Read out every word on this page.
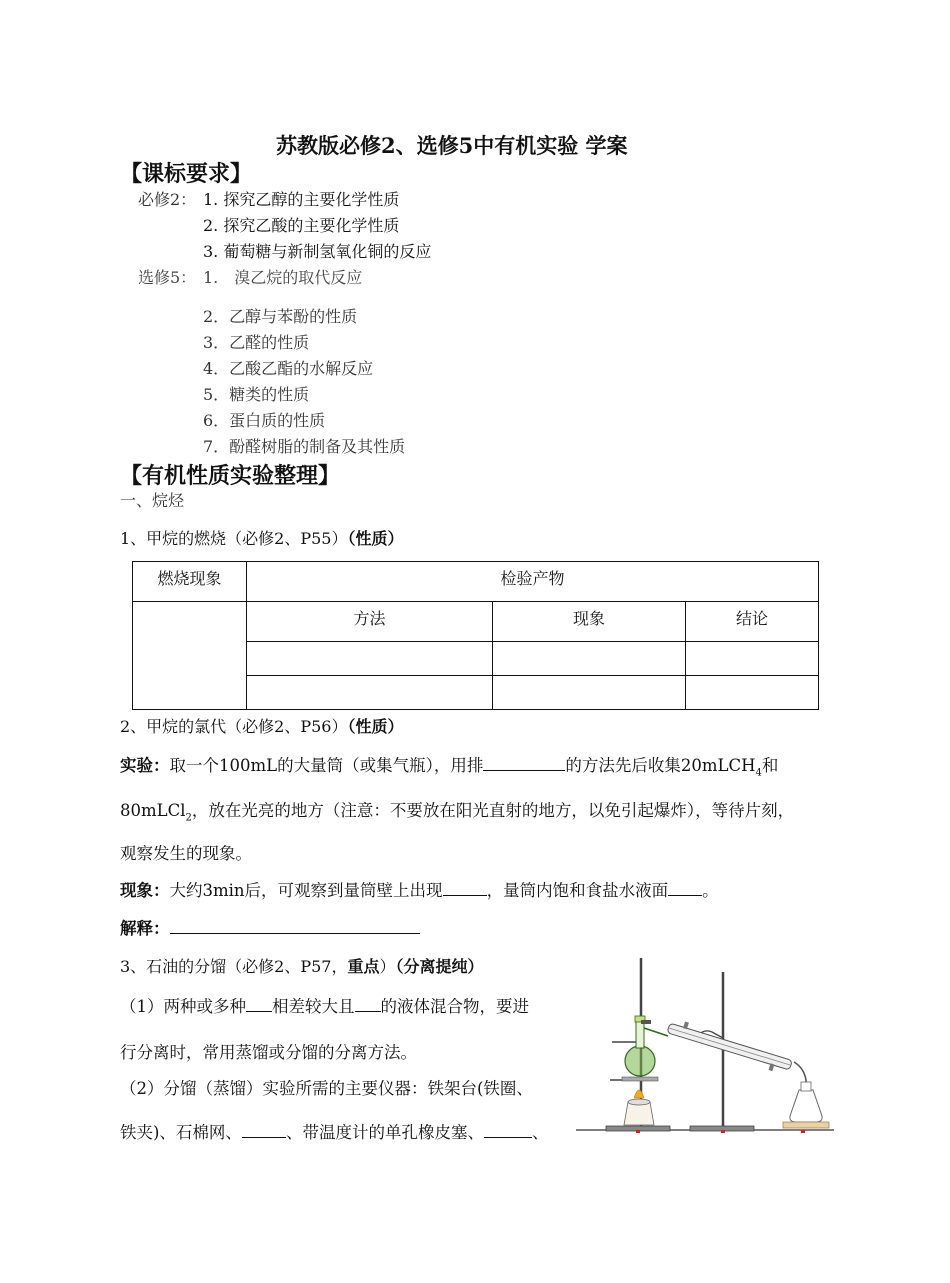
苏教版必修2、选修5中有机实验 学案
【课标要求】
必修2： 1. 探究乙醇的主要化学性质
2. 探究乙酸的主要化学性质
3. 葡萄糖与新制氢氧化铜的反应
选修5： 1.　溴乙烷的取代反应
2．乙醇与苯酚的性质
3．乙醛的性质
4．乙酸乙酯的水解反应
5．糖类的性质
6．蛋白质的性质
7．酚醛树脂的制备及其性质
【有机性质实验整理】
一、烷烃
1、甲烷的燃烧（必修2、P55）（性质）
燃烧现象	检验产物		
	方法	现象	结论

2、甲烷的氯代（必修2、P56）（性质）
实验：取一个100mL的大量筒（或集气瓶），用排	的方法先后收集20mLCH$_4$和
80mLCl$_2$，放在光亮的地方（注意：不要放在阳光直射的地方，以免引起爆炸），等待片刻，
观察发生的现象。
现象：大约3min后，可观察到量筒壁上出现	，量筒内饱和食盐水液面 。
解释：
3、石油的分馏（必修2、P57，重点）（分离提纯）
（1）两种或多种 相差较大且 的液体混合物，要进
行分离时，常用蒸馏或分馏的分离方法。
（2）分馏（蒸馏）实验所需的主要仪器：铁架台(铁圈、
铁夹)、石棉网、	、带温度计的单孔橡皮塞、	、
